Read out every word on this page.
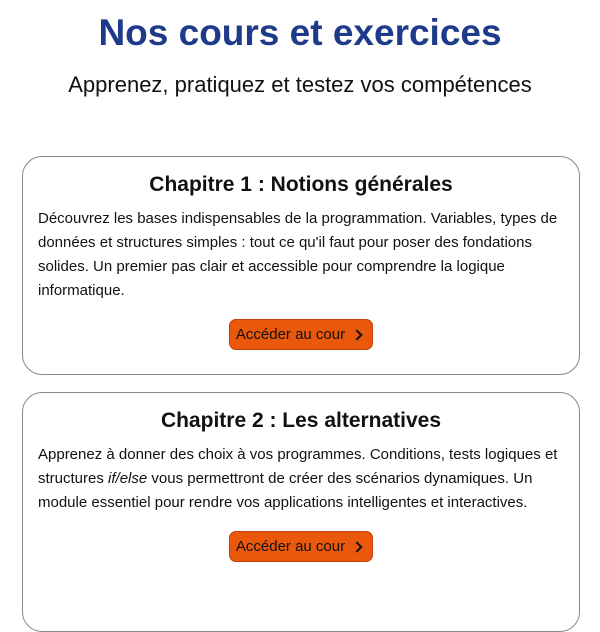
Nos cours et exercices
Apprenez, pratiquez et testez vos compétences
Chapitre 1 : Notions générales

Découvrez les bases indispensables de la programmation. Variables, types de données et structures simples : tout ce qu'il faut pour poser des fondations solides. Un premier pas clair et accessible pour comprendre la logique informatique.

Accéder au cour
Chapitre 2 : Les alternatives

Apprenez à donner des choix à vos programmes. Conditions, tests logiques et structures if/else vous permettront de créer des scénarios dynamiques. Un module essentiel pour rendre vos applications intelligentes et interactives.

Accéder au cour
